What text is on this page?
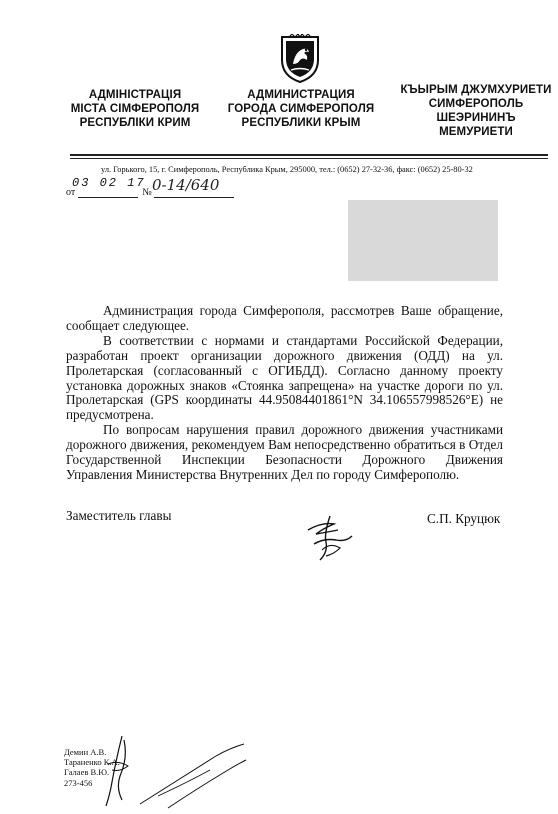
АДМІНІСТРАЦІЯ
МІСТА СІМФЕРОПОЛЯ
РЕСПУБЛІКИ КРИМ
АДМИНИСТРАЦИЯ
ГОРОДА СИМФЕРОПОЛЯ
РЕСПУБЛИКИ КРЫМ
КЪЫРЫМ ДЖУМХУРИЕТИ
СИМФЕРОПОЛЬ
ШЕЭРИНИНЪ
МЕМУРИЕТИ
ул. Горького, 15, г. Симферополь, Республика Крым, 295000, тел.: (0652) 27-32-36, факс: (0652) 25-80-32
03 02 17
от	№ 0-14/640

Администрация города Симферополя, рассмотрев Ваше обращение, сообщает следующее.

В соответствии с нормами и стандартами Российской Федерации, разработан проект организации дорожного движения (ОДД) на ул. Пролетарская (согласованный с ОГИБДД). Согласно данному проекту установка дорожных знаков «Стоянка запрещена» на участке дороги по ул. Пролетарская (GPS координаты 44.95084401861°N 34.106557998526°E) не предусмотрена.

По вопросам нарушения правил дорожного движения участниками дорожного движения, рекомендуем Вам непосредственно обратиться в Отдел Государственной Инспекции Безопасности Дорожного Движения Управления Министерства Внутренних Дел по городу Симферополю.

Заместитель главы	С.П. Круцюк
Демин А.В.
Тараненко К.А.
Галаев В.Ю.
273-456
